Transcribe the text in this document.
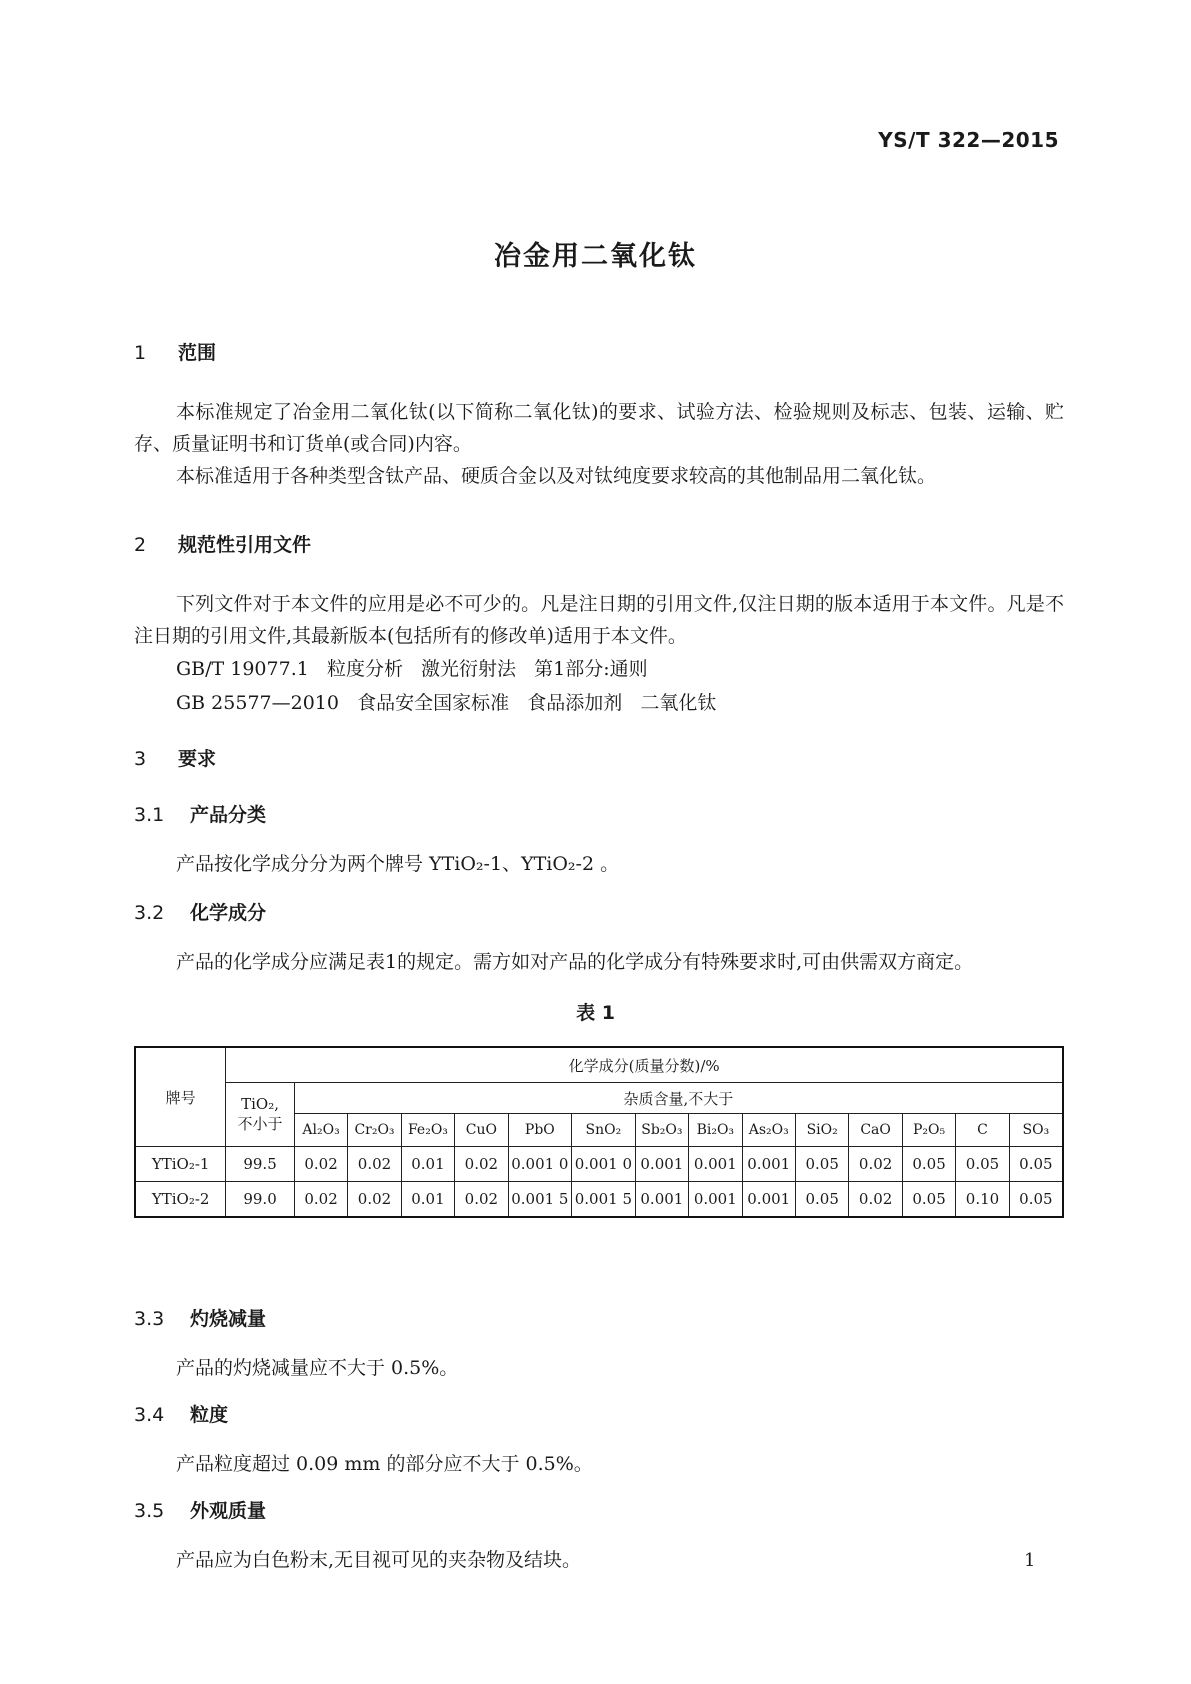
YS/T 322—2015
冶金用二氧化钛
1 范围

本标准规定了冶金用二氧化钛(以下简称二氧化钛)的要求、试验方法、检验规则及标志、包装、运输、贮存、质量证明书和订货单(或合同)内容。

本标准适用于各种类型含钛产品、硬质合金以及对钛纯度要求较高的其他制品用二氧化钛。

2 规范性引用文件

下列文件对于本文件的应用是必不可少的。凡是注日期的引用文件,仅注日期的版本适用于本文件。凡是不注日期的引用文件,其最新版本(包括所有的修改单)适用于本文件。

GB/T 19077.1   粒度分析   激光衍射法   第1部分:通则
GB 25577—2010   食品安全国家标准   食品添加剂   二氧化钛
3 要求
3.1 产品分类

产品按化学成分分为两个牌号 YTiO₂-1、YTiO₂-2 。

3.2 化学成分

产品的化学成分应满足表1的规定。需方如对产品的化学成分有特殊要求时,可由供需双方商定。

表 1
牌号	化学成分(质量分数)/%														

	TiO₂,
不小于	杂质含量,不大于													
		Al₂O₃	Cr₂O₃	Fe₂O₃	CuO	PbO	SnO₂	Sb₂O₃	Bi₂O₃	As₂O₃	SiO₂	CaO	P₂O₅	C	SO₃
YTiO₂-1	99.5	0.02	0.02	0.01	0.02	0.001 0	0.001 0	0.001	0.001	0.001	0.05	0.02	0.05	0.05	0.05
YTiO₂-2	99.0	0.02	0.02	0.01	0.02	0.001 5	0.001 5	0.001	0.001	0.001	0.05	0.02	0.05	0.10	0.05
3.3 灼烧减量

产品的灼烧减量应不大于 0.5%。

3.4 粒度

产品粒度超过 0.09 mm 的部分应不大于 0.5%。

3.5 外观质量

产品应为白色粉末,无目视可见的夹杂物及结块。	1
